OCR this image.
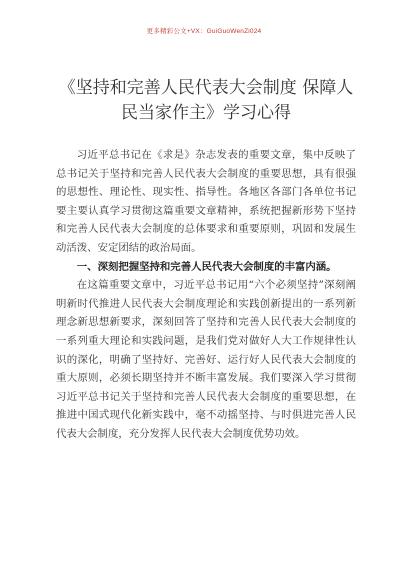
更多精彩公文+VX：GuiGuoWenZi024
《坚持和完善人民代表大会制度 保障人民当家作主》学习心得

习近平总书记在《求是》杂志发表的重要文章，集中反映了总书记关于坚持和完善人民代表大会制度的重要思想，具有很强的思想性、理论性、现实性、指导性。各地区各部门各单位书记要主要认真学习贯彻这篇重要文章精神，系统把握新形势下坚持和完善人民代表大会制度的总体要求和重要原则，巩固和发展生动活泼、安定团结的政治局面。

一、深刻把握坚持和完善人民代表大会制度的丰富内涵。

在这篇重要文章中，习近平总书记用“六个必须坚持”深刻阐明新时代推进人民代表大会制度理论和实践创新提出的一系列新理念新思想新要求，深刻回答了坚持和完善人民代表大会制度的一系列重大理论和实践问题，是我们党对做好人大工作规律性认识的深化，明确了坚持好、完善好、运行好人民代表大会制度的重大原则，必须长期坚持并不断丰富发展。我们要深入学习贯彻习近平总书记关于坚持和完善人民代表大会制度的重要思想，在推进中国式现代化新实践中，毫不动摇坚持、与时俱进完善人民代表大会制度，充分发挥人民代表大会制度优势功效。
